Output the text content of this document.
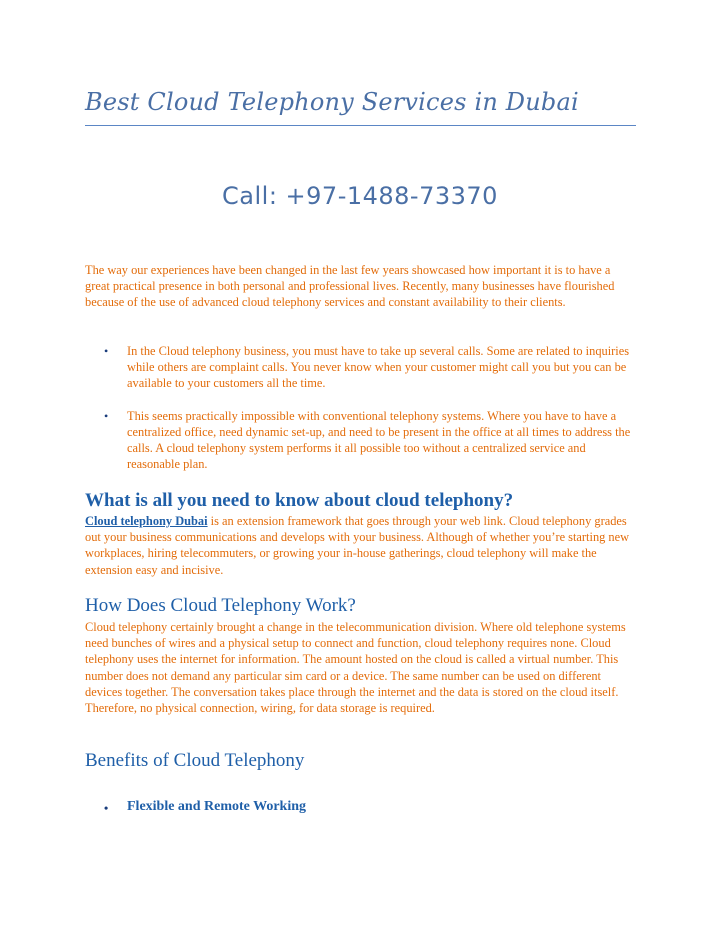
Best Cloud Telephony Services in Dubai
Call: +97-1488-73370

The way our experiences have been changed in the last few years showcased how important it is to have a great practical presence in both personal and professional lives. Recently, many businesses have flourished because of the use of advanced cloud telephony services and constant availability to their clients.

• In the Cloud telephony business, you must have to take up several calls. Some are related to inquiries while others are complaint calls. You never know when your customer might call you but you can be available to your customers all the time.
• This seems practically impossible with conventional telephony systems. Where you have to have a centralized office, need dynamic set-up, and need to be present in the office at all times to address the calls. A cloud telephony system performs it all possible too without a centralized service and reasonable plan.
What is all you need to know about cloud telephony?

Cloud telephony Dubai is an extension framework that goes through your web link. Cloud telephony grades out your business communications and develops with your business. Although of whether you’re starting new workplaces, hiring telecommuters, or growing your in-house gatherings, cloud telephony will make the extension easy and incisive.

How Does Cloud Telephony Work?

Cloud telephony certainly brought a change in the telecommunication division. Where old telephone systems need bunches of wires and a physical setup to connect and function, cloud telephony requires none. Cloud telephony uses the internet for information. The amount hosted on the cloud is called a virtual number. This number does not demand any particular sim card or a device. The same number can be used on different devices together. The conversation takes place through the internet and the data is stored on the cloud itself. Therefore, no physical connection, wiring, for data storage is required.

Benefits of Cloud Telephony
• Flexible and Remote Working
